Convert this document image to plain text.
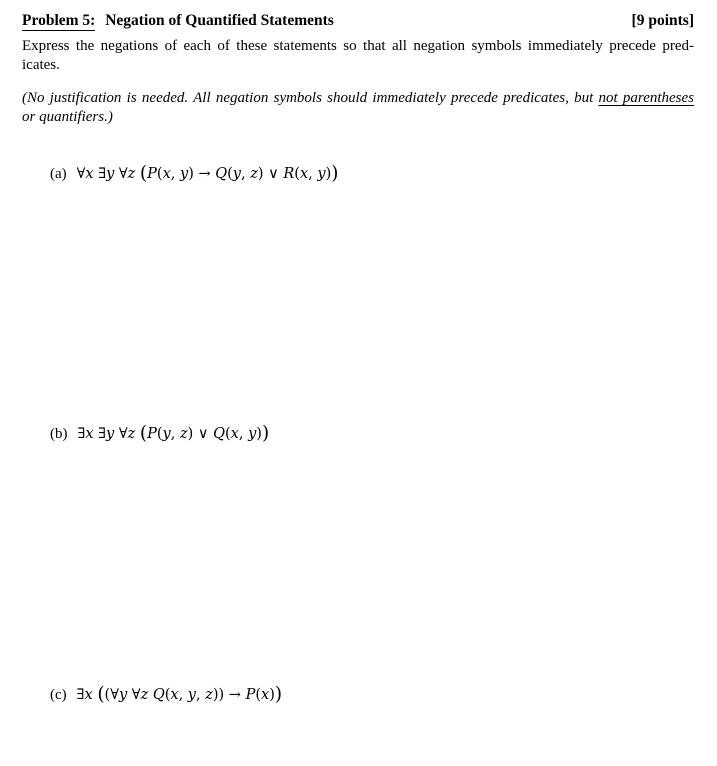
Problem 5: Negation of Quantified Statements	[9 points]

Express the negations of each of these statements so that all negation symbols immediately precede pred-
icates.

(No justification is needed. All negation symbols should immediately precede predicates, but not parentheses
or quantifiers.)

(a) ∀x ∃y ∀z (P(x, y) → Q(y, z) ∨ R(x, y))

(b) ∃x ∃y ∀z (P(y, z) ∨ Q(x, y))

(c) ∃x ((∀y ∀z Q(x, y, z)) → P(x))
